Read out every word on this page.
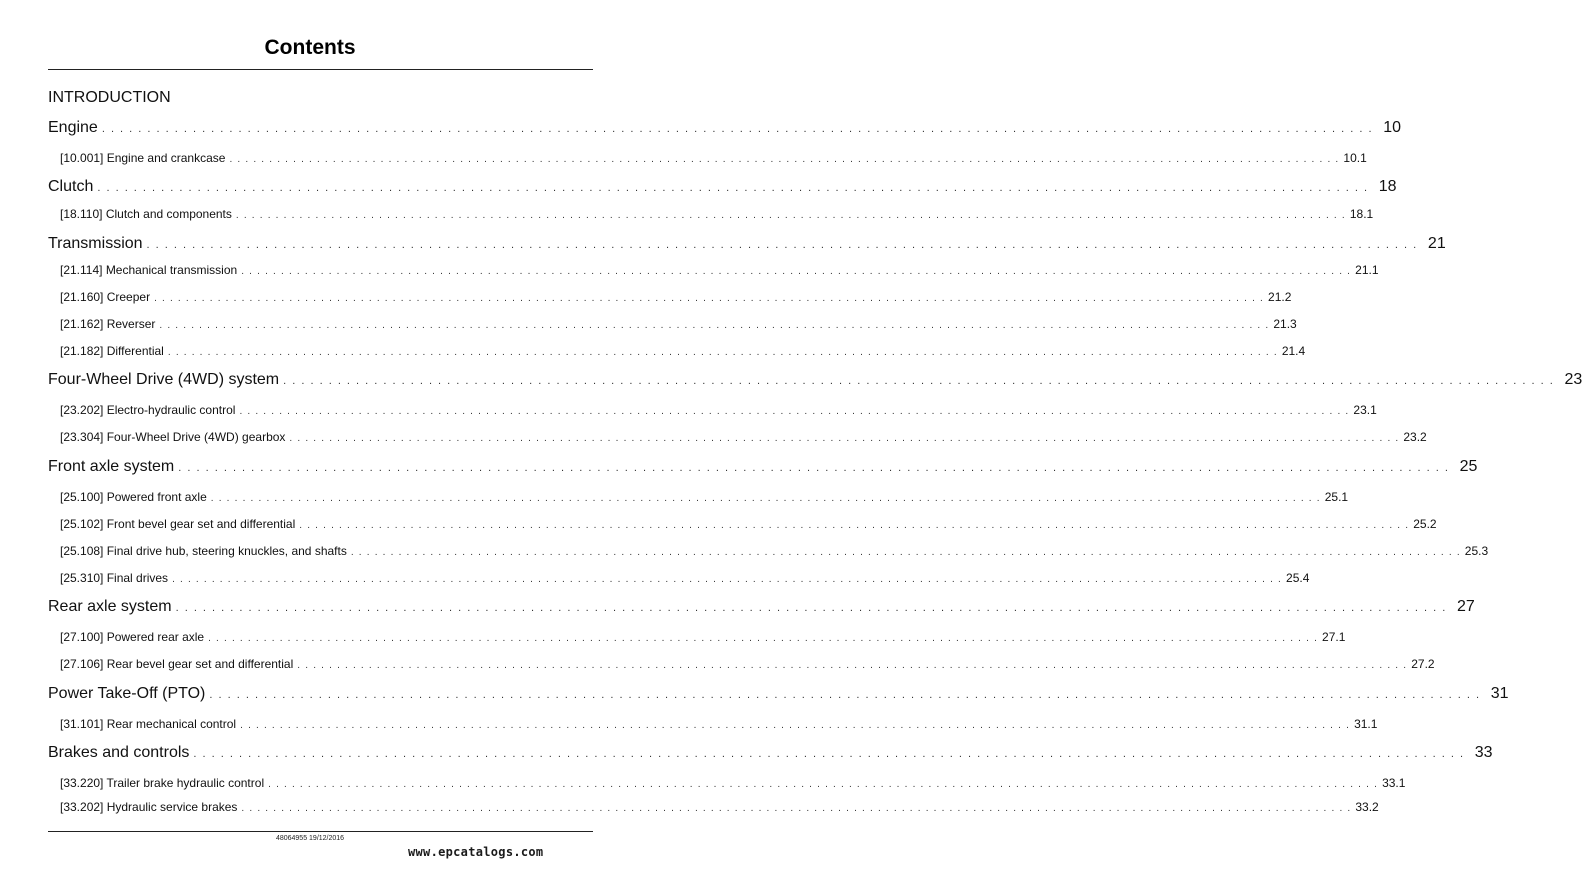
Contents
INTRODUCTION
Engine . . . . . . . . . . . . . . . . . . . . . . . . . . . . . . . . . . . . . . . . . . . . . . . . . . . . . . . . . . . . . . . . . . . . . . . . . . . . . . . . . . . . . . . . . . . . . . . . . . . . . . . . . . . . . . . . . . . . . . . . . . . . . . . . . . . . . . . . . . . . 10
[10.001] Engine and crankcase . . . . . . . . . . . . . . . . . . . . . . . . . . . . . . . . . . . . . . . . . . . . . . . . . . . . . . . . . . . . . . . . . . . . . . . . . . . . . . . . . . . . . . . . . . . . . . . . . . . . . . . . . . . . . . . . . . . . . . . . . . . . . . . . . . . . . . . . . . . . 10.1
Clutch . . . . . . . . . . . . . . . . . . . . . . . . . . . . . . . . . . . . . . . . . . . . . . . . . . . . . . . . . . . . . . . . . . . . . . . . . . . . . . . . . . . . . . . . . . . . . . . . . . . . . . . . . . . . . . . . . . . . . . . . . . . . . . . . . . . . . . . . . . . . 18
[18.110] Clutch and components . . . . . . . . . . . . . . . . . . . . . . . . . . . . . . . . . . . . . . . . . . . . . . . . . . . . . . . . . . . . . . . . . . . . . . . . . . . . . . . . . . . . . . . . . . . . . . . . . . . . . . . . . . . . . . . . . . . . . . . . . . . . . . . . . . . . . . . . . . . . 18.1
Transmission . . . . . . . . . . . . . . . . . . . . . . . . . . . . . . . . . . . . . . . . . . . . . . . . . . . . . . . . . . . . . . . . . . . . . . . . . . . . . . . . . . . . . . . . . . . . . . . . . . . . . . . . . . . . . . . . . . . . . . . . . . . . . . . . . . . . . . . . . . . . 21
[21.114] Mechanical transmission . . . . . . . . . . . . . . . . . . . . . . . . . . . . . . . . . . . . . . . . . . . . . . . . . . . . . . . . . . . . . . . . . . . . . . . . . . . . . . . . . . . . . . . . . . . . . . . . . . . . . . . . . . . . . . . . . . . . . . . . . . . . . . . . . . . . . . . . . . . . 21.1
[21.160] Creeper . . . . . . . . . . . . . . . . . . . . . . . . . . . . . . . . . . . . . . . . . . . . . . . . . . . . . . . . . . . . . . . . . . . . . . . . . . . . . . . . . . . . . . . . . . . . . . . . . . . . . . . . . . . . . . . . . . . . . . . . . . . . . . . . . . . . . . . . . . . . 21.2
[21.162] Reverser . . . . . . . . . . . . . . . . . . . . . . . . . . . . . . . . . . . . . . . . . . . . . . . . . . . . . . . . . . . . . . . . . . . . . . . . . . . . . . . . . . . . . . . . . . . . . . . . . . . . . . . . . . . . . . . . . . . . . . . . . . . . . . . . . . . . . . . . . . . . 21.3
[21.182] Differential . . . . . . . . . . . . . . . . . . . . . . . . . . . . . . . . . . . . . . . . . . . . . . . . . . . . . . . . . . . . . . . . . . . . . . . . . . . . . . . . . . . . . . . . . . . . . . . . . . . . . . . . . . . . . . . . . . . . . . . . . . . . . . . . . . . . . . . . . . . . 21.4
Four-Wheel Drive (4WD) system . . . . . . . . . . . . . . . . . . . . . . . . . . . . . . . . . . . . . . . . . . . . . . . . . . . . . . . . . . . . . . . . . . . . . . . . . . . . . . . . . . . . . . . . . . . . . . . . . . . . . . . . . . . . . . . . . . . . . . . . . . . . . . . . . . . . . . . . . . . . 23
[23.202] Electro-hydraulic control . . . . . . . . . . . . . . . . . . . . . . . . . . . . . . . . . . . . . . . . . . . . . . . . . . . . . . . . . . . . . . . . . . . . . . . . . . . . . . . . . . . . . . . . . . . . . . . . . . . . . . . . . . . . . . . . . . . . . . . . . . . . . . . . . . . . . . . . . . . . 23.1
[23.304] Four-Wheel Drive (4WD) gearbox . . . . . . . . . . . . . . . . . . . . . . . . . . . . . . . . . . . . . . . . . . . . . . . . . . . . . . . . . . . . . . . . . . . . . . . . . . . . . . . . . . . . . . . . . . . . . . . . . . . . . . . . . . . . . . . . . . . . . . . . . . . . . . . . . . . . . . . . . . . . 23.2
Front axle system . . . . . . . . . . . . . . . . . . . . . . . . . . . . . . . . . . . . . . . . . . . . . . . . . . . . . . . . . . . . . . . . . . . . . . . . . . . . . . . . . . . . . . . . . . . . . . . . . . . . . . . . . . . . . . . . . . . . . . . . . . . . . . . . . . . . . . . . . . . . 25
[25.100] Powered front axle . . . . . . . . . . . . . . . . . . . . . . . . . . . . . . . . . . . . . . . . . . . . . . . . . . . . . . . . . . . . . . . . . . . . . . . . . . . . . . . . . . . . . . . . . . . . . . . . . . . . . . . . . . . . . . . . . . . . . . . . . . . . . . . . . . . . . . . . . . . . 25.1
[25.102] Front bevel gear set and differential . . . . . . . . . . . . . . . . . . . . . . . . . . . . . . . . . . . . . . . . . . . . . . . . . . . . . . . . . . . . . . . . . . . . . . . . . . . . . . . . . . . . . . . . . . . . . . . . . . . . . . . . . . . . . . . . . . . . . . . . . . . . . . . . . . . . . . . . . . . . 25.2
[25.108] Final drive hub, steering knuckles, and shafts . . . . . . . . . . . . . . . . . . . . . . . . . . . . . . . . . . . . . . . . . . . . . . . . . . . . . . . . . . . . . . . . . . . . . . . . . . . . . . . . . . . . . . . . . . . . . . . . . . . . . . . . . . . . . . . . . . . . . . . . . . . . . . . . . . . . . . . . . . . . 25.3
[25.310] Final drives . . . . . . . . . . . . . . . . . . . . . . . . . . . . . . . . . . . . . . . . . . . . . . . . . . . . . . . . . . . . . . . . . . . . . . . . . . . . . . . . . . . . . . . . . . . . . . . . . . . . . . . . . . . . . . . . . . . . . . . . . . . . . . . . . . . . . . . . . . . . 25.4
Rear axle system . . . . . . . . . . . . . . . . . . . . . . . . . . . . . . . . . . . . . . . . . . . . . . . . . . . . . . . . . . . . . . . . . . . . . . . . . . . . . . . . . . . . . . . . . . . . . . . . . . . . . . . . . . . . . . . . . . . . . . . . . . . . . . . . . . . . . . . . . . . . 27
[27.100] Powered rear axle . . . . . . . . . . . . . . . . . . . . . . . . . . . . . . . . . . . . . . . . . . . . . . . . . . . . . . . . . . . . . . . . . . . . . . . . . . . . . . . . . . . . . . . . . . . . . . . . . . . . . . . . . . . . . . . . . . . . . . . . . . . . . . . . . . . . . . . . . . . . 27.1
[27.106] Rear bevel gear set and differential . . . . . . . . . . . . . . . . . . . . . . . . . . . . . . . . . . . . . . . . . . . . . . . . . . . . . . . . . . . . . . . . . . . . . . . . . . . . . . . . . . . . . . . . . . . . . . . . . . . . . . . . . . . . . . . . . . . . . . . . . . . . . . . . . . . . . . . . . . . . 27.2
Power Take-Off (PTO) . . . . . . . . . . . . . . . . . . . . . . . . . . . . . . . . . . . . . . . . . . . . . . . . . . . . . . . . . . . . . . . . . . . . . . . . . . . . . . . . . . . . . . . . . . . . . . . . . . . . . . . . . . . . . . . . . . . . . . . . . . . . . . . . . . . . . . . . . . . . 31
[31.101] Rear mechanical control . . . . . . . . . . . . . . . . . . . . . . . . . . . . . . . . . . . . . . . . . . . . . . . . . . . . . . . . . . . . . . . . . . . . . . . . . . . . . . . . . . . . . . . . . . . . . . . . . . . . . . . . . . . . . . . . . . . . . . . . . . . . . . . . . . . . . . . . . . . . 31.1
Brakes and controls . . . . . . . . . . . . . . . . . . . . . . . . . . . . . . . . . . . . . . . . . . . . . . . . . . . . . . . . . . . . . . . . . . . . . . . . . . . . . . . . . . . . . . . . . . . . . . . . . . . . . . . . . . . . . . . . . . . . . . . . . . . . . . . . . . . . . . . . . . . . 33
[33.220] Trailer brake hydraulic control . . . . . . . . . . . . . . . . . . . . . . . . . . . . . . . . . . . . . . . . . . . . . . . . . . . . . . . . . . . . . . . . . . . . . . . . . . . . . . . . . . . . . . . . . . . . . . . . . . . . . . . . . . . . . . . . . . . . . . . . . . . . . . . . . . . . . . . . . . . . 33.1
[33.202] Hydraulic service brakes . . . . . . . . . . . . . . . . . . . . . . . . . . . . . . . . . . . . . . . . . . . . . . . . . . . . . . . . . . . . . . . . . . . . . . . . . . . . . . . . . . . . . . . . . . . . . . . . . . . . . . . . . . . . . . . . . . . . . . . . . . . . . . . . . . . . . . . . . . . . 33.2
48064955 19/12/2016
www.epcatalogs.com
